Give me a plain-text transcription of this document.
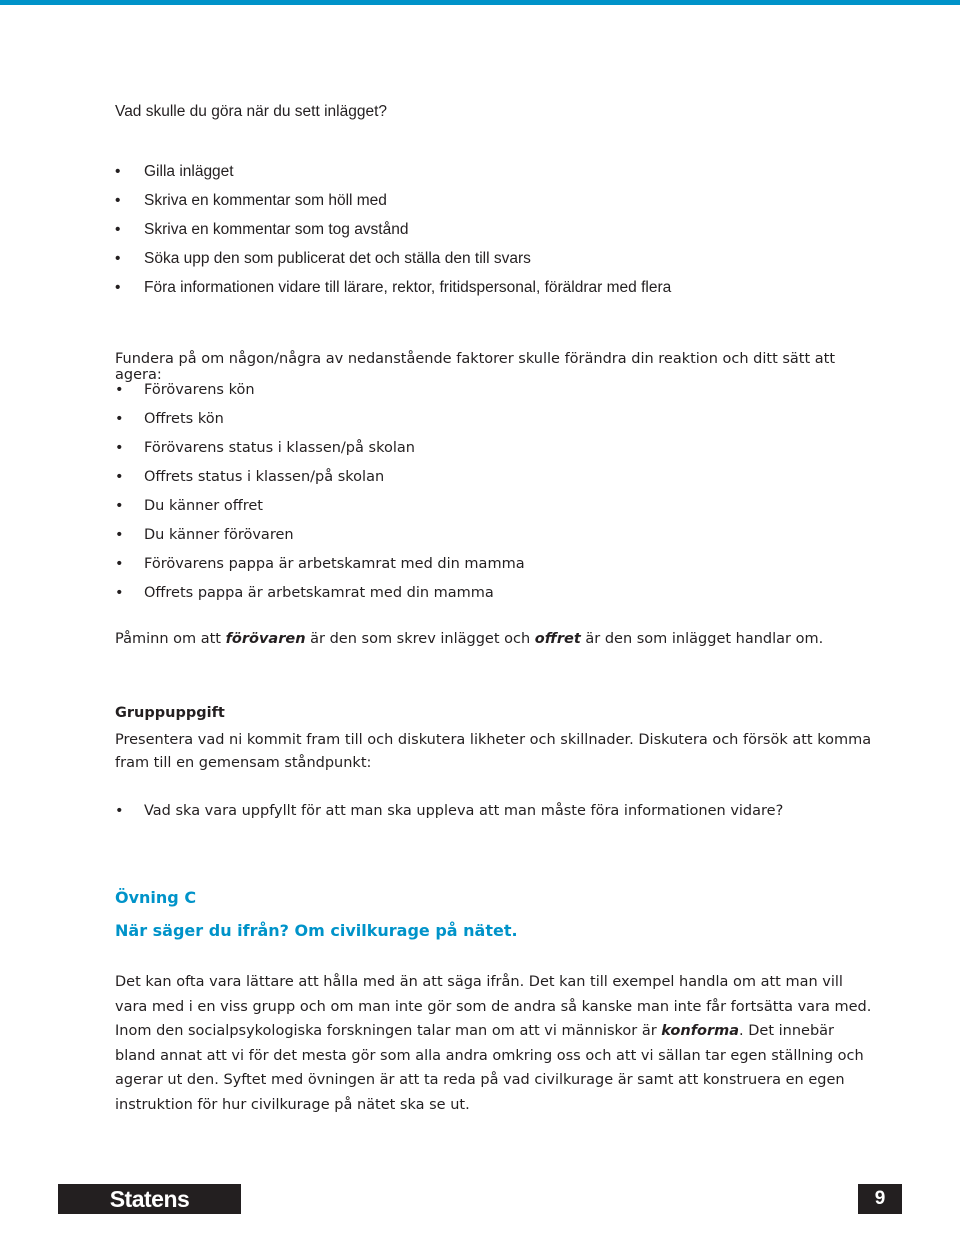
Vad skulle du göra när du sett inlägget?
• Gilla inlägget
• Skriva en kommentar som höll med
• Skriva en kommentar som tog avstånd
• Söka upp den som publicerat det och ställa den till svars
• Föra informationen vidare till lärare, rektor, fritidspersonal, föräldrar med flera
Fundera på om någon/några av nedanstående faktorer skulle förändra din reaktion och ditt sätt att agera:
• Förövarens kön
• Offrets kön
• Förövarens status i klassen/på skolan
• Offrets status i klassen/på skolan
• Du känner offret
• Du känner förövaren
• Förövarens pappa är arbetskamrat med din mamma
• Offrets pappa är arbetskamrat med din mamma
Påminn om att förövaren är den som skrev inlägget och offret är den som inlägget handlar om.
Gruppuppgift
Presentera vad ni kommit fram till och diskutera likheter och skillnader. Diskutera och försök att komma fram till en gemensam ståndpunkt:
• Vad ska vara uppfyllt för att man ska uppleva att man måste föra informationen vidare?
Övning C
När säger du ifrån? Om civilkurage på nätet.
Det kan ofta vara lättare att hålla med än att säga ifrån. Det kan till exempel handla om att man vill vara med i en viss grupp och om man inte gör som de andra så kanske man inte får fortsätta vara med. Inom den socialpsykologiska forskningen talar man om att vi människor är konforma. Det innebär bland annat att vi för det mesta gör som alla andra omkring oss och att vi sällan tar egen ställning och agerar ut den. Syftet med övningen är att ta reda på vad civilkurage är samt att konstruera en egen instruktion för hur civilkurage på nätet ska se ut.
Statens medieråd
9
